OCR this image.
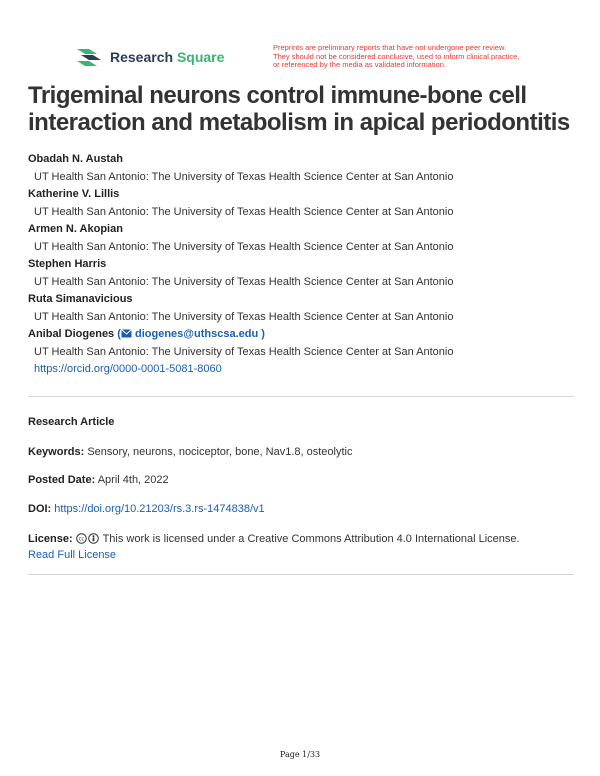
Research Square
Preprints are preliminary reports that have not undergone peer review.
They should not be considered conclusive, used to inform clinical practice,
or referenced by the media as validated information.
Trigeminal neurons control immune-bone cell interaction and metabolism in apical periodontitis
Obadah N. Austah
UT Health San Antonio: The University of Texas Health Science Center at San Antonio
Katherine V. Lillis
UT Health San Antonio: The University of Texas Health Science Center at San Antonio
Armen N. Akopian
UT Health San Antonio: The University of Texas Health Science Center at San Antonio
Stephen Harris
UT Health San Antonio: The University of Texas Health Science Center at San Antonio
Ruta Simanavicious
UT Health San Antonio: The University of Texas Health Science Center at San Antonio
Anibal Diogenes ( diogenes@uthscsa.edu )
UT Health San Antonio: The University of Texas Health Science Center at San Antonio
https://orcid.org/0000-0001-5081-8060
Research Article
Keywords: Sensory, neurons, nociceptor, bone, Nav1.8, osteolytic
Posted Date: April 4th, 2022
DOI: https://doi.org/10.21203/rs.3.rs-1474838/v1
License: cc This work is licensed under a Creative Commons Attribution 4.0 International License.
Read Full License
Page 1/33
